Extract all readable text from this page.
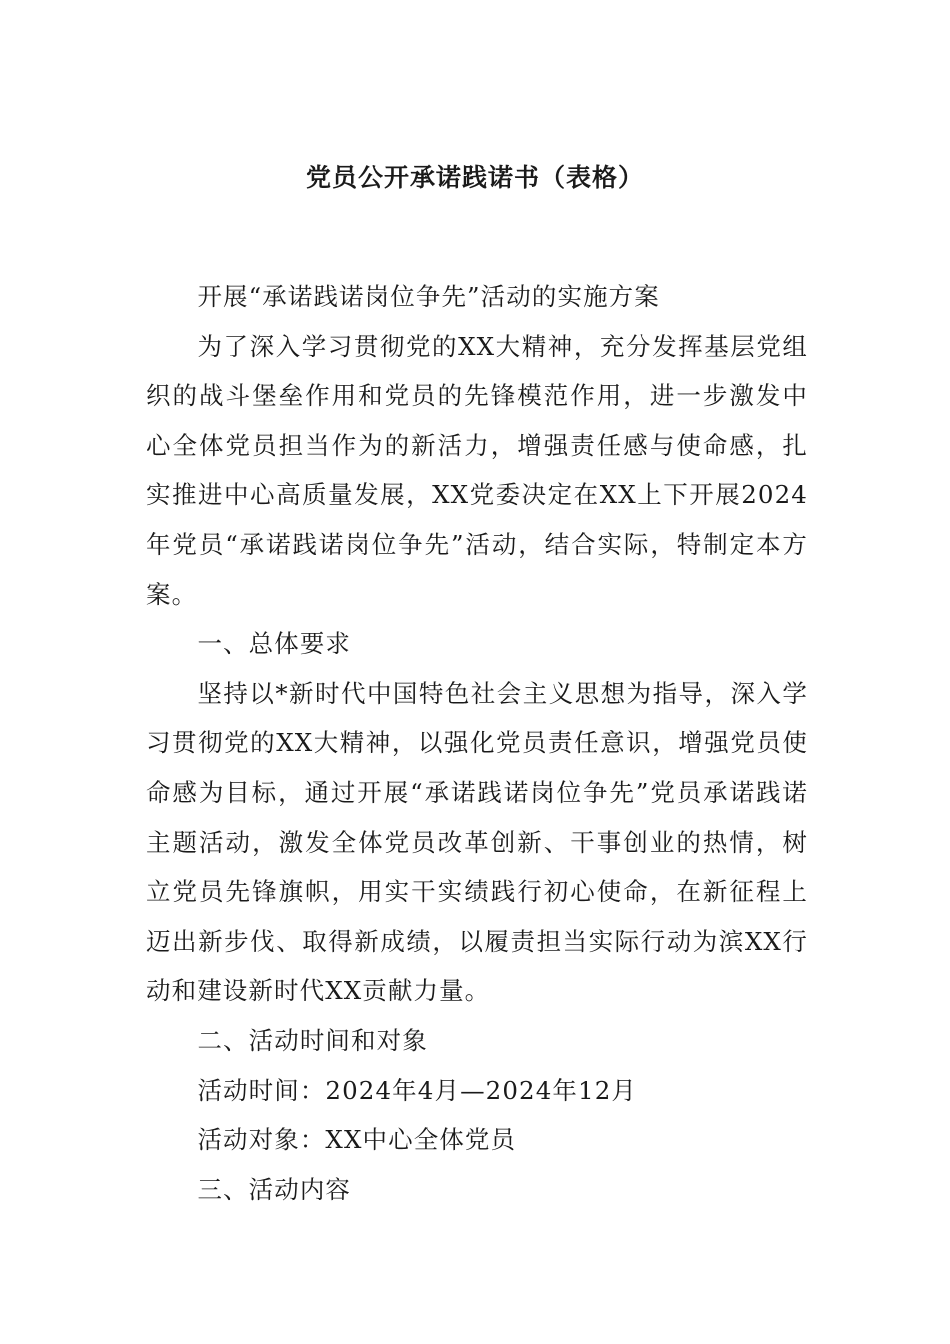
党员公开承诺践诺书（表格）

开展“承诺践诺岗位争先”活动的实施方案

为了深入学习贯彻党的XX大精神，充分发挥基层党组织的战斗堡垒作用和党员的先锋模范作用，进一步激发中心全体党员担当作为的新活力，增强责任感与使命感，扎实推进中心高质量发展，XX党委决定在XX上下开展2024年党员“承诺践诺岗位争先”活动，结合实际，特制定本方案。

一、总体要求

坚持以*新时代中国特色社会主义思想为指导，深入学习贯彻党的XX大精神，以强化党员责任意识，增强党员使命感为目标，通过开展“承诺践诺岗位争先”党员承诺践诺主题活动，激发全体党员改革创新、干事创业的热情，树立党员先锋旗帜，用实干实绩践行初心使命，在新征程上迈出新步伐、取得新成绩，以履责担当实际行动为滨XX行动和建设新时代XX贡献力量。

二、活动时间和对象

活动时间：2024年4月—2024年12月

活动对象：XX中心全体党员

三、活动内容
